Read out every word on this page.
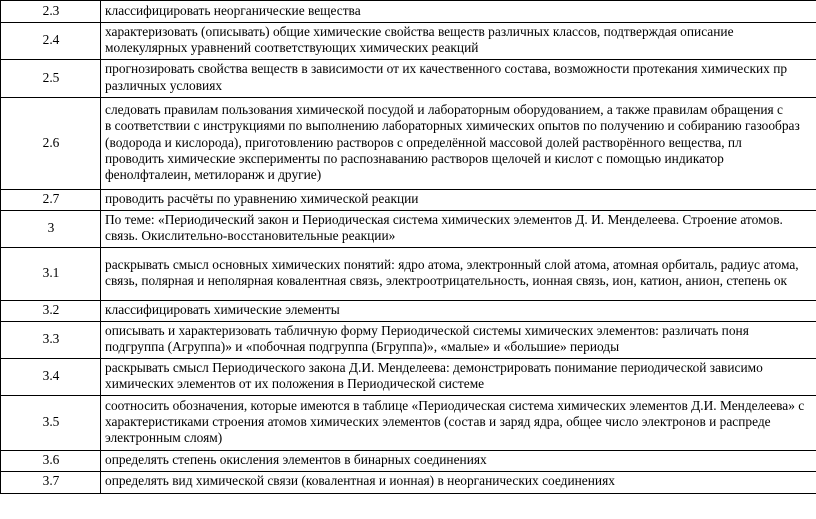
2.3	классифицировать неорганические вещества

2.4	характеризовать (описывать) общие химические свойства веществ различных классов, подтверждая описание
молекулярных уравнений соответствующих химических реакций

2.5	прогнозировать свойства веществ в зависимости от их качественного состава, возможности протекания химических пр
различных условиях

2.6	следовать правилам пользования химической посудой и лабораторным оборудованием, а также правилам обращения с
в соответствии с инструкциями по выполнению лабораторных химических опытов по получению и собиранию газообраз
(водорода и кислорода), приготовлению растворов с определённой массовой долей растворённого вещества, пл
проводить химические эксперименты по распознаванию растворов щелочей и кислот с помощью индикатор
фенолфталеин, метилоранж и другие)

2.7	проводить расчёты по уравнению химической реакции

3	По теме: «Периодический закон и Периодическая система химических элементов Д. И. Менделеева. Строение атомов.
связь. Окислительно-восстановительные реакции»

3.1	раскрывать смысл основных химических понятий: ядро атома, электронный слой атома, атомная орбиталь, радиус атома,
связь, полярная и неполярная ковалентная связь, электроотрицательность, ионная связь, ион, катион, анион, степень ок

3.2	классифицировать химические элементы

3.3	описывать и характеризовать табличную форму Периодической системы химических элементов: различать поня
подгруппа (Агруппа)» и «побочная подгруппа (Бгруппа)», «малые» и «большие» периоды

3.4	раскрывать смысл Периодического закона Д.И. Менделеева: демонстрировать понимание периодической зависимо
химических элементов от их положения в Периодической системе

3.5	соотносить обозначения, которые имеются в таблице «Периодическая система химических элементов Д.И. Менделеева» с
характеристиками строения атомов химических элементов (состав и заряд ядра, общее число электронов и распреде
электронным слоям)

3.6	определять степень окисления элементов в бинарных соединениях

3.7	определять вид химической связи (ковалентная и ионная) в неорганических соединениях
